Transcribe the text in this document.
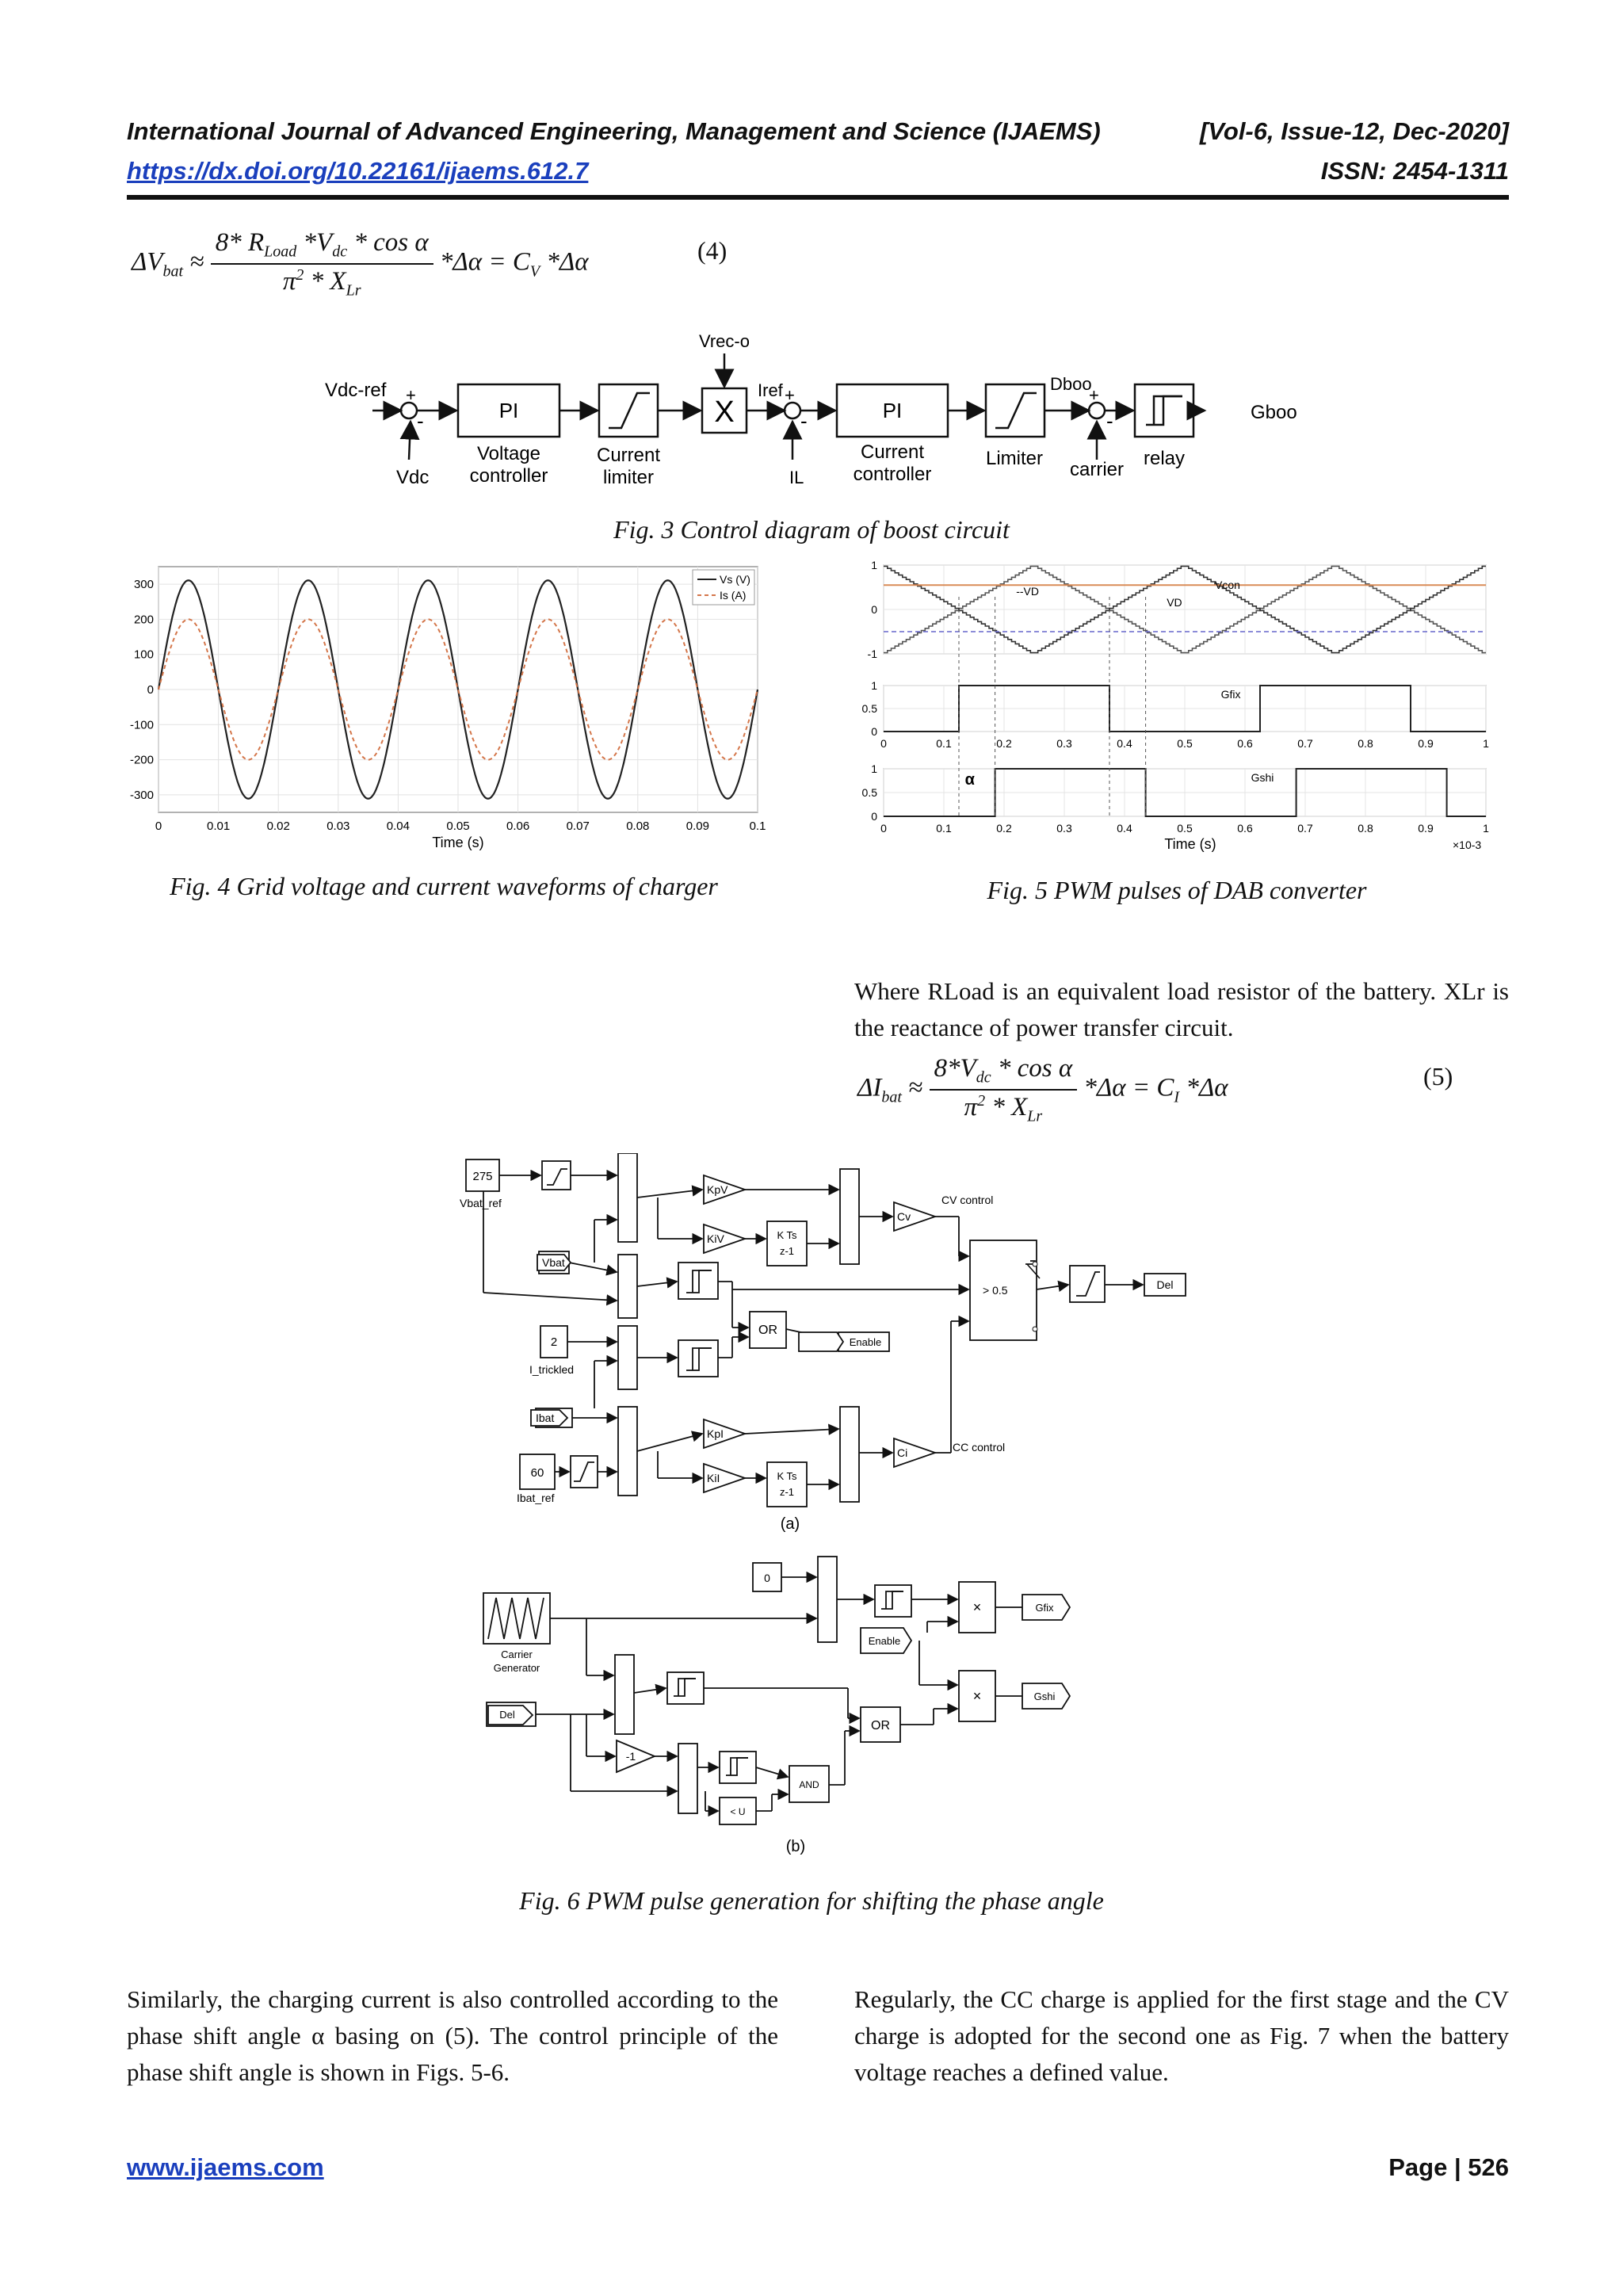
International Journal of Advanced Engineering, Management and Science (IJAEMS)	[Vol-6, Issue-12, Dec-2020]
https://dx.doi.org/10.22161/ijaems.612.7	ISSN: 2454-1311
$\Delta V_{bat} \approx \frac{8* R_{Load} *V_{dc} * \cos \alpha}{\pi^2 * X_{Lr}} *\Delta\alpha = C_V$ *Δα	(4)
+
-
+
-
+
-
Vdc-ref
Vdc
PI
Voltage
controller
Current
limiter
X
Vrec-o
Iref
IL
PI
Current
controller
Limiter
Dboo
carrier
relay
Gboo
Fig. 3 Control diagram of boost circuit
300
200
100
0
-100
-200
-300
0	0.01	0.02	0.03	0.04	0.05	0.06	0.07	0.08	0.09	0.1
Vs (V)
Is (A)
Time (s)
Fig. 4 Grid voltage and current waveforms of charger
1
0
-1
--VD
VD
Vcon
1
0.5
0
0	0.1	0.2	0.3	0.4	0.5	0.6	0.7	0.8	0.9	1
Gfix
1
0.5
0
0	0.1	0.2	0.3	0.4	0.5	0.6	0.7	0.8	0.9	1
Gshi
α
Time (s)	×10-3
Fig. 5 PWM pulses of DAB converter
Where RLoad is an equivalent load resistor of the battery. XLr is the reactance of power transfer circuit.
$\Delta I_{bat} \approx \frac{8*V_{dc} * \cos \alpha}{\pi^2 * X_{Lr}} *\Delta\alpha = C_I$ *Δα	(5)
275
Vbat_ref
Vbat
2
I_trickled
Ibat
60
Ibat_ref
KpV
KiV	K Ts
z-1
Cv
CV control
> 0.5	Del
OR
Enable
KpI
KiI	K Ts
z-1
Ci	CC control
(a)
0
Carrier
Generator
×	Gfix
Enable
×	Gshi
Del
-1
OR
AND
< U
(b)
Fig. 6 PWM pulse generation for shifting the phase angle
Similarly, the charging current is also controlled according to the phase shift angle α basing on (5). The control principle of the phase shift angle is shown in Figs. 5-6.
Regularly, the CC charge is applied for the first stage and the CV charge is adopted for the second one as Fig. 7 when the battery voltage reaches a defined value.
www.ijaems.com	Page | 526
